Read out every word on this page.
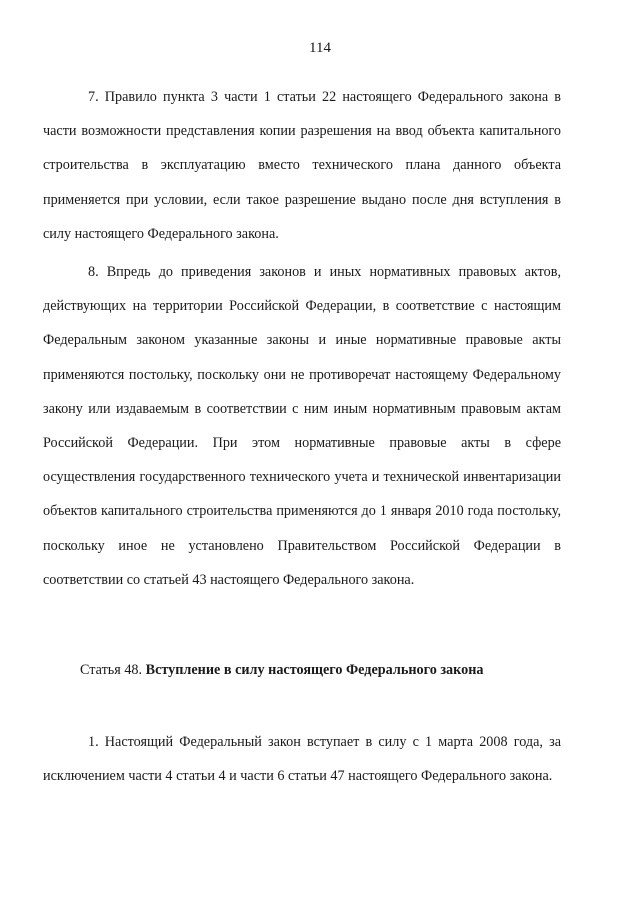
114

7. Правило пункта 3 части 1 статьи 22 настоящего Федерального закона в части возможности представления копии разрешения на ввод объекта капитального строительства в эксплуатацию вместо технического плана данного объекта применяется при условии, если такое разрешение выдано после дня вступления в силу настоящего Федерального закона.

8. Впредь до приведения законов и иных нормативных правовых актов, действующих на территории Российской Федерации, в соответствие с настоящим Федеральным законом указанные законы и иные нормативные правовые акты применяются постольку, поскольку они не противоречат настоящему Федеральному закону или издаваемым в соответствии с ним иным нормативным правовым актам Российской Федерации. При этом нормативные правовые акты в сфере осуществления государственного технического учета и технической инвентаризации объектов капитального строительства применяются до 1 января 2010 года постольку, поскольку иное не установлено Правительством Российской Федерации в соответствии со статьей 43 настоящего Федерального закона.

Статья 48. Вступление в силу настоящего Федерального закона

1. Настоящий Федеральный закон вступает в силу с 1 марта 2008 года, за исключением части 4 статьи 4 и части 6 статьи 47 настоящего Федерального закона.
